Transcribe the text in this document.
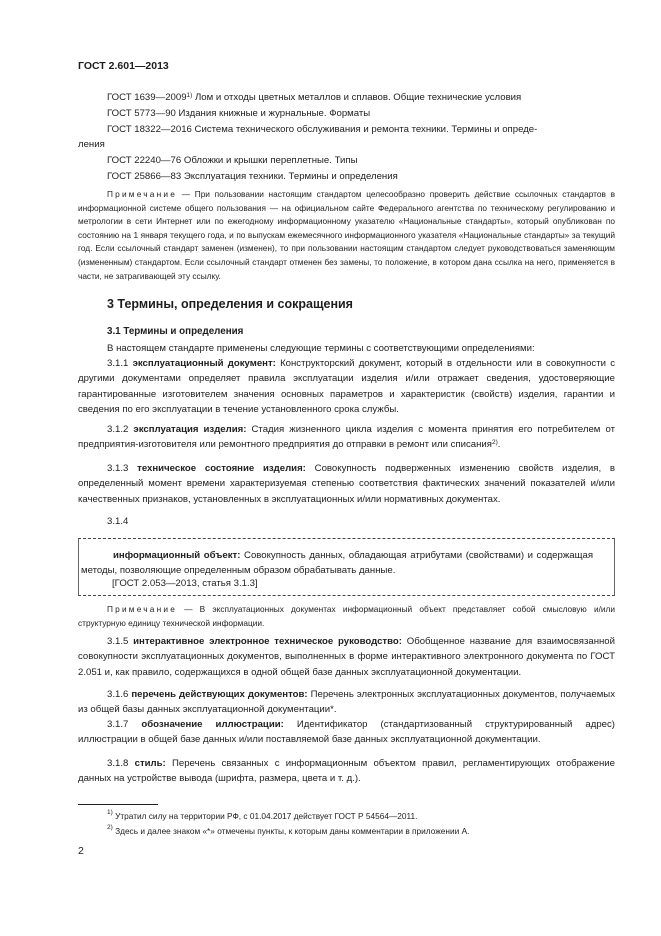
ГОСТ 2.601—2013
ГОСТ 1639—2009$^{1)}$ Лом и отходы цветных металлов и сплавов. Общие технические условия
ГОСТ 5773—90 Издания книжные и журнальные. Форматы
ГОСТ 18322—2016 Система технического обслуживания и ремонта техники. Термины и опреде-
ления
ГОСТ 22240—76 Обложки и крышки переплетные. Типы
ГОСТ 25866—83 Эксплуатация техники. Термины и определения
Примечание — При пользовании настоящим стандартом целесообразно проверить действие ссылочных стандартов в информационной системе общего пользования — на официальном сайте Федерального агентства по техническому регулированию и метрологии в сети Интернет или по ежегодному информационному указателю «Национальные стандарты», который опубликован по состоянию на 1 января текущего года, и по выпускам ежемесячного информационного указателя «Национальные стандарты» за текущий год. Если ссылочный стандарт заменен (изменен), то при пользовании настоящим стандартом следует руководствоваться заменяющим (измененным) стандартом. Если ссылочный стандарт отменен без замены, то положение, в котором дана ссылка на него, применяется в части, не затрагивающей эту ссылку.
3 Термины, определения и сокращения
3.1 Термины и определения
В настоящем стандарте применены следующие термины с соответствующими определениями:
3.1.1 эксплуатационный документ: Конструкторский документ, который в отдельности или в совокупности с другими документами определяет правила эксплуатации изделия и/или отражает сведения, удостоверяющие гарантированные изготовителем значения основных параметров и характеристик (свойств) изделия, гарантии и сведения по его эксплуатации в течение установленного срока службы.
3.1.2 эксплуатация изделия: Стадия жизненного цикла изделия с момента принятия его потребителем от предприятия-изготовителя или ремонтного предприятия до отправки в ремонт или списания$^{2)}$.
3.1.3 техническое состояние изделия: Совокупность подверженных изменению свойств изделия, в определенный момент времени характеризуемая степенью соответствия фактических значений показателей и/или качественных признаков, установленных в эксплуатационных и/или нормативных документах.
3.1.4
информационный объект: Совокупность данных, обладающая атрибутами (свойствами) и содержащая методы, позволяющие определенным образом обрабатывать данные.
[ГОСТ 2.053—2013, статья 3.1.3]
Примечание — В эксплуатационных документах информационный объект представляет собой смысловую и/или структурную единицу технической информации.
3.1.5 интерактивное электронное техническое руководство: Обобщенное название для взаимосвязанной совокупности эксплуатационных документов, выполненных в форме интерактивного электронного документа по ГОСТ 2.051 и, как правило, содержащихся в одной общей базе данных эксплуатационной документации.
3.1.6 перечень действующих документов: Перечень электронных эксплуатационных документов, получаемых из общей базы данных эксплуатационной документации*.
3.1.7 обозначение иллюстрации: Идентификатор (стандартизованный структурированный адрес) иллюстрации в общей базе данных и/или поставляемой базе данных эксплуатационной документации.
3.1.8 стиль: Перечень связанных с информационным объектом правил, регламентирующих отображение данных на устройстве вывода (шрифта, размера, цвета и т. д.).
$^{1)}$ Утратил силу на территории РФ, с 01.04.2017 действует ГОСТ Р 54564—2011.
$^{2)}$ Здесь и далее знаком «*» отмечены пункты, к которым даны комментарии в приложении А.
2
